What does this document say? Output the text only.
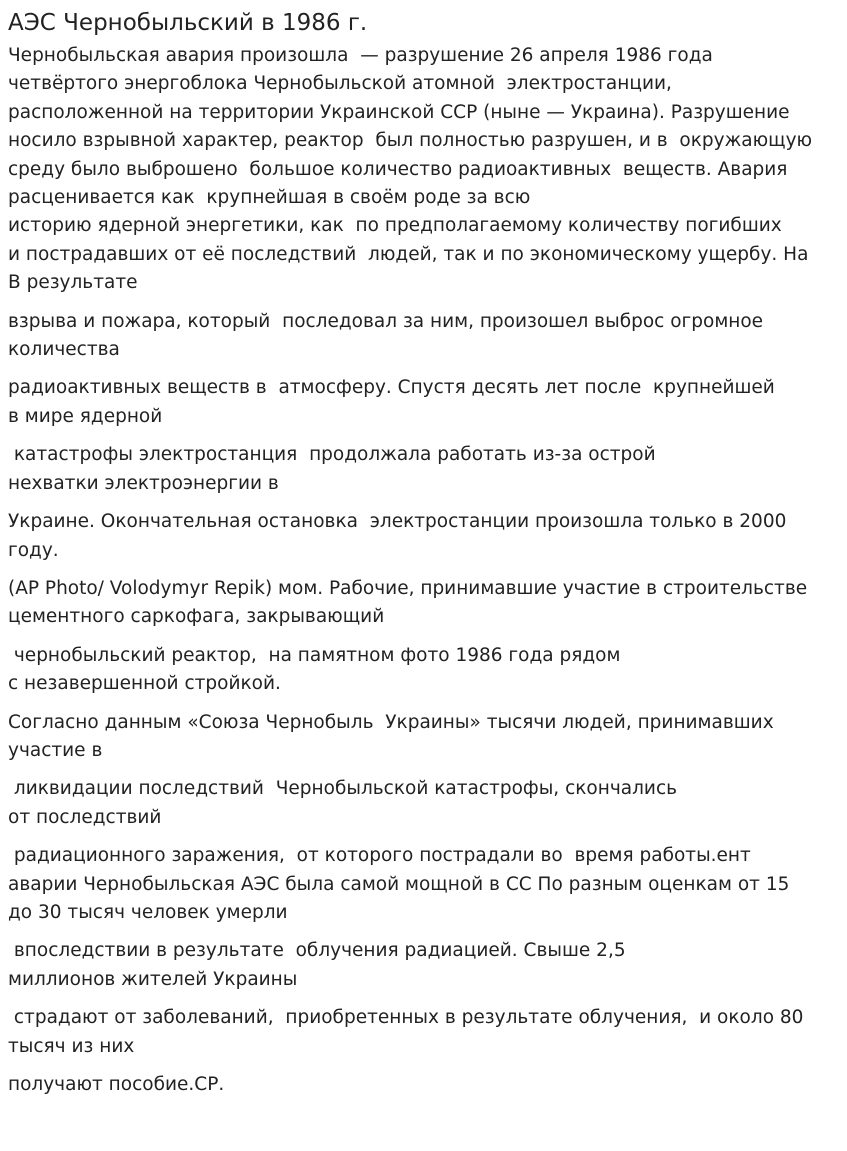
АЭС Чернобыльский в 1986 г.

Чернобыльская авария произошла  — разрушение 26 апреля 1986 года
четвёртого энергоблока Чернобыльской атомной  электростанции,
расположенной на территории Украинской ССР (ныне — Украина). Разрушение
носило взрывной характер, реактор  был полностью разрушен, и в  окружающую
среду было выброшено  большое количество радиоактивных  веществ. Авария
расценивается как  крупнейшая в своём роде за всю
историю ядерной энергетики, как  по предполагаемому количеству погибших
и пострадавших от её последствий  людей, так и по экономическому ущербу. На
В результате

взрыва и пожара, который  последовал за ним, произошел выброс огромное
количества

радиоактивных веществ в  атмосферу. Спустя десять лет после  крупнейшей
в мире ядерной

катастрофы электростанция  продолжала работать из-за острой
нехватки электроэнергии в

Украине. Окончательная остановка  электростанции произошла только в 2000
году.

(AP Photo/ Volodymyr Repik) мом. Рабочие, принимавшие участие в строительстве
цементного саркофага, закрывающий

чернобыльский реактор,  на памятном фото 1986 года рядом
с незавершенной стройкой.

Согласно данным «Союза Чернобыль  Украины» тысячи людей, принимавших
участие в

ликвидации последствий  Чернобыльской катастрофы, скончались
от последствий

радиационного заражения,  от которого пострадали во  время работы.ент
аварии Чернобыльская АЭС была самой мощной в СС По разным оценкам от 15
до 30 тысяч человек умерли

впоследствии в результате  облучения радиацией. Свыше 2,5
миллионов жителей Украины

страдают от заболеваний,  приобретенных в результате облучения,  и около 80
тысяч из них

получают пособие.СР.
